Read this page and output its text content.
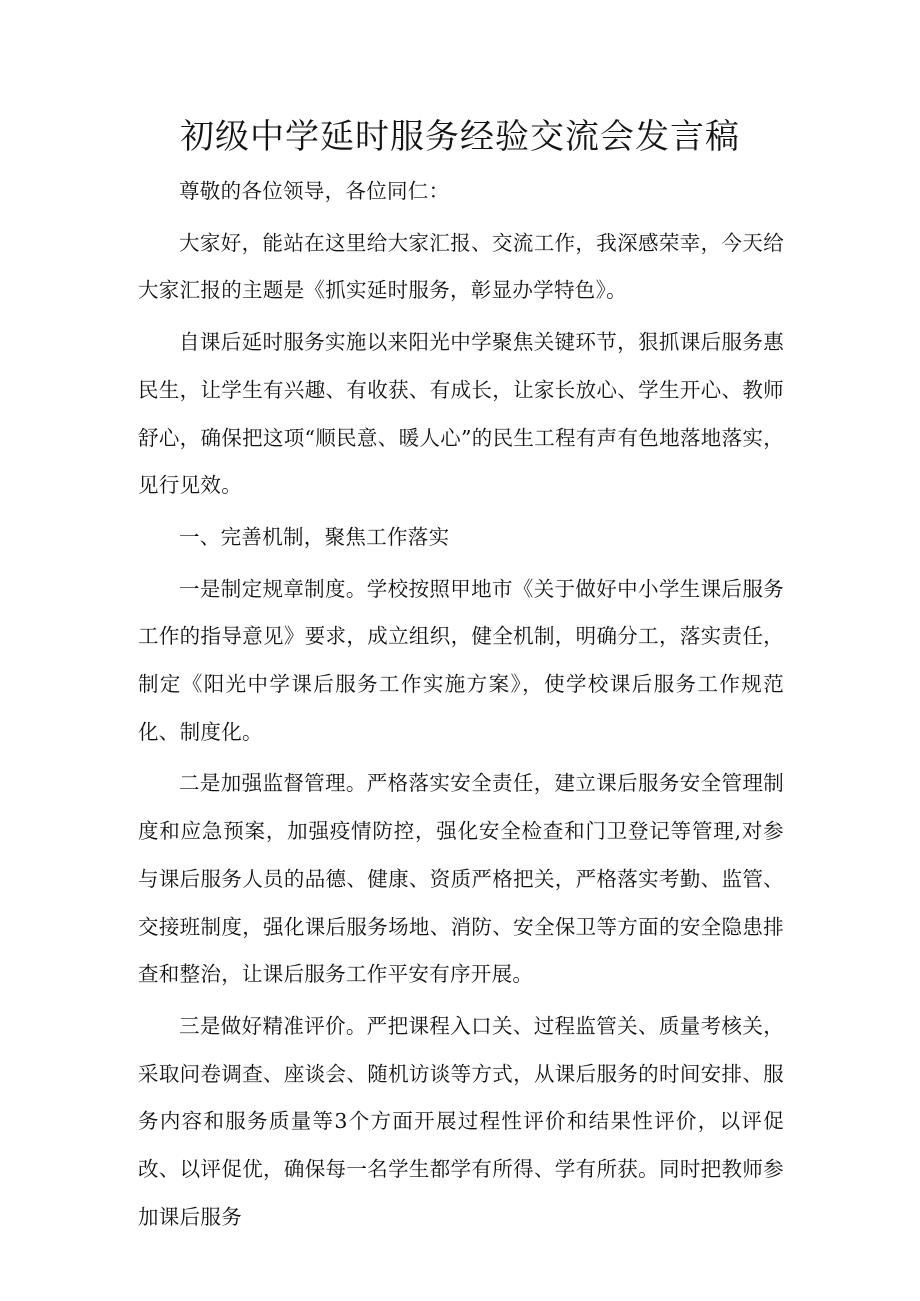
初级中学延时服务经验交流会发言稿

尊敬的各位领导，各位同仁：

大家好，能站在这里给大家汇报、交流工作，我深感荣幸，今天给大家汇报的主题是《抓实延时服务，彰显办学特色》。

自课后延时服务实施以来阳光中学聚焦关键环节，狠抓课后服务惠民生，让学生有兴趣、有收获、有成长，让家长放心、学生开心、教师舒心，确保把这项“顺民意、暖人心”的民生工程有声有色地落地落实，见行见效。

一、完善机制，聚焦工作落实

一是制定规章制度。学校按照甲地市《关于做好中小学生课后服务工作的指导意见》要求，成立组织，健全机制，明确分工，落实责任，制定《阳光中学课后服务工作实施方案》，使学校课后服务工作规范化、制度化。

二是加强监督管理。严格落实安全责任，建立课后服务安全管理制度和应急预案，加强疫情防控，强化安全检查和门卫登记等管理,对参与课后服务人员的品德、健康、资质严格把关，严格落实考勤、监管、交接班制度，强化课后服务场地、消防、安全保卫等方面的安全隐患排查和整治，让课后服务工作平安有序开展。

三是做好精准评价。严把课程入口关、过程监管关、质量考核关，采取问卷调查、座谈会、随机访谈等方式，从课后服务的时间安排、服务内容和服务质量等3个方面开展过程性评价和结果性评价，以评促改、以评促优，确保每一名学生都学有所得、学有所获。同时把教师参加课后服务
